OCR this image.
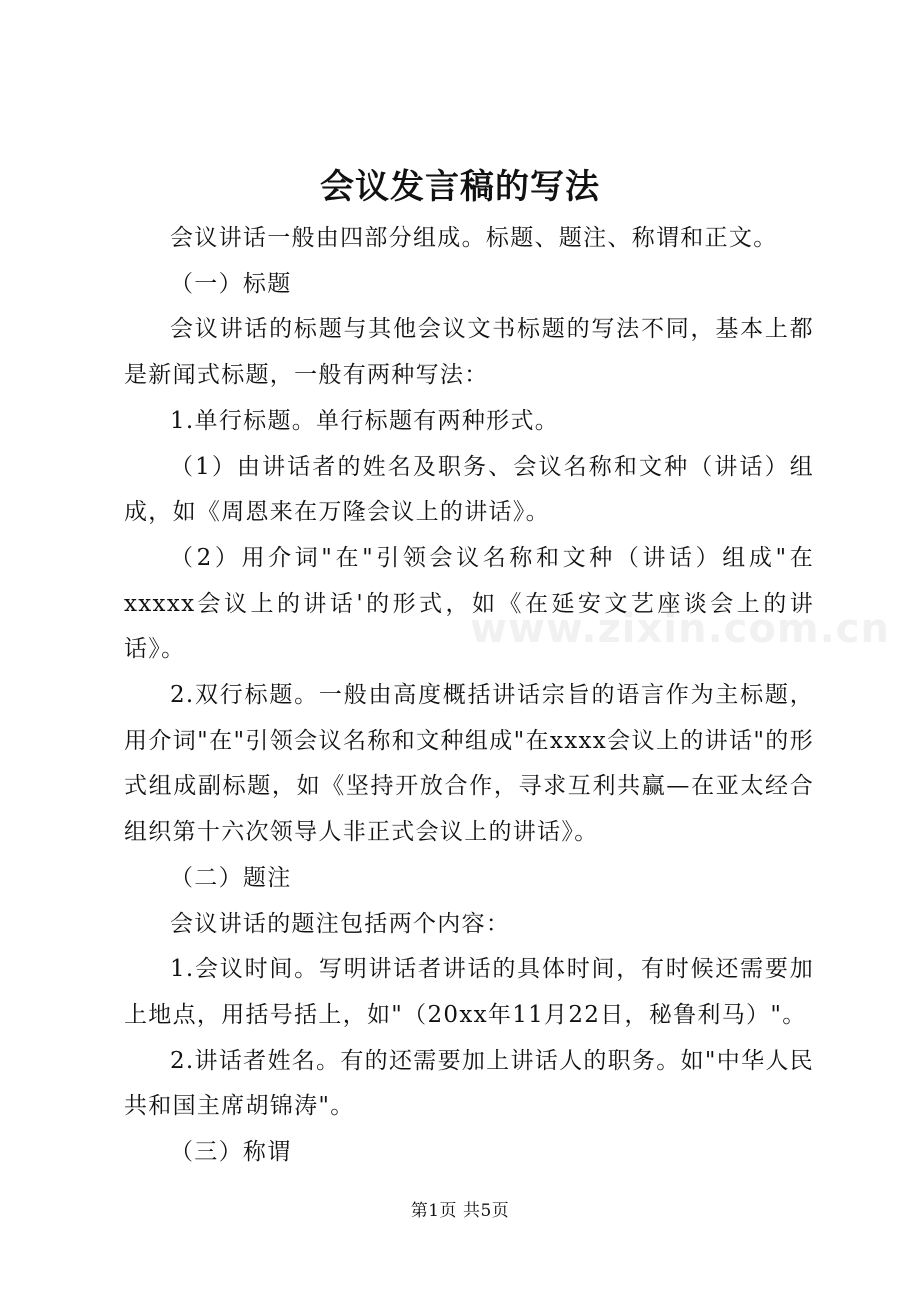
www.zixin.com.cn
会议发言稿的写法

会议讲话一般由四部分组成。标题、题注、称谓和正文。

（一）标题

会议讲话的标题与其他会议文书标题的写法不同，基本上都是新闻式标题，一般有两种写法：

1.单行标题。单行标题有两种形式。

（1）由讲话者的姓名及职务、会议名称和文种（讲话）组成，如《周恩来在万隆会议上的讲话》。

（2）用介词"在"引领会议名称和文种（讲话）组成"在xxxxx会议上的讲话'的形式，如《在延安文艺座谈会上的讲话》。

2.双行标题。一般由高度概括讲话宗旨的语言作为主标题，用介词"在"引领会议名称和文种组成"在xxxx会议上的讲话"的形式组成副标题，如《坚持开放合作，寻求互利共赢—在亚太经合组织第十六次领导人非正式会议上的讲话》。

（二）题注

会议讲话的题注包括两个内容：

1.会议时间。写明讲话者讲话的具体时间，有时候还需要加上地点，用括号括上，如"（20xx年11月22日，秘鲁利马）"。

2.讲话者姓名。有的还需要加上讲话人的职务。如"中华人民共和国主席胡锦涛"。

（三）称谓

第1页 共5页
